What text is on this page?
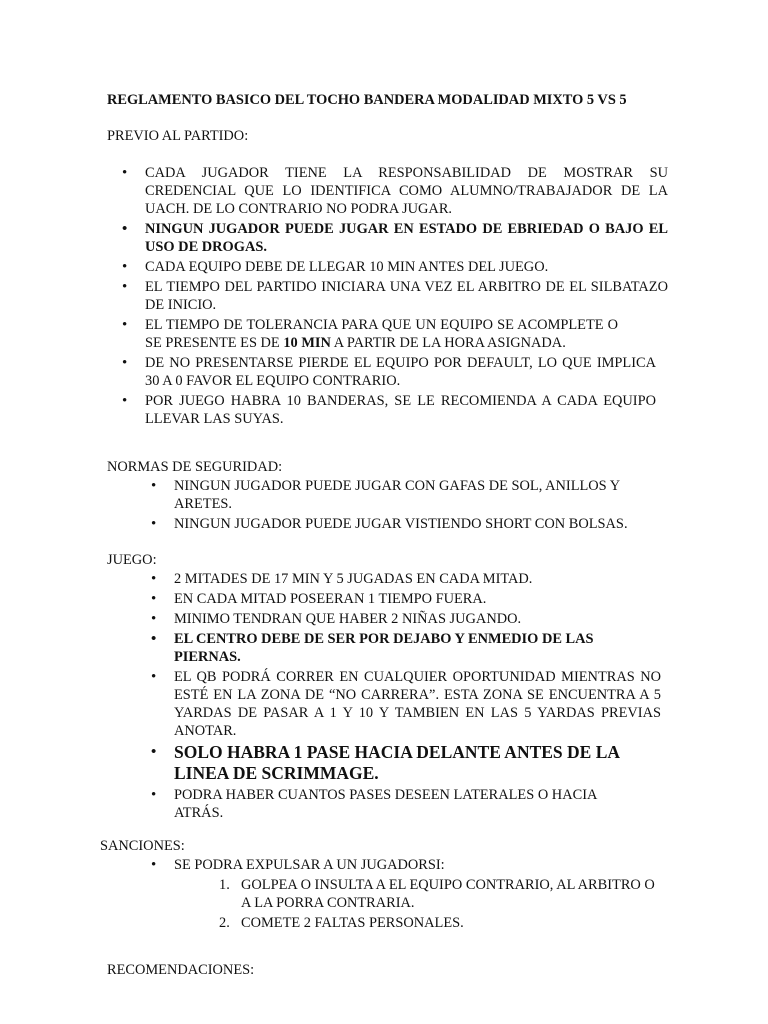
REGLAMENTO BASICO DEL TOCHO BANDERA MODALIDAD MIXTO 5 VS 5
PREVIO AL PARTIDO:
• CADA JUGADOR TIENE LA RESPONSABILIDAD DE MOSTRAR SU CREDENCIAL QUE LO IDENTIFICA COMO ALUMNO/TRABAJADOR DE LA UACH. DE LO CONTRARIO NO PODRA JUGAR.
• NINGUN JUGADOR PUEDE JUGAR EN ESTADO DE EBRIEDAD O BAJO EL USO DE DROGAS.
• CADA EQUIPO DEBE DE LLEGAR 10 MIN ANTES DEL JUEGO.
• EL TIEMPO DEL PARTIDO INICIARA UNA VEZ EL ARBITRO DE EL SILBATAZO DE INICIO.
• EL TIEMPO DE TOLERANCIA PARA QUE UN EQUIPO SE ACOMPLETE O SE PRESENTE ES DE 10 MIN A PARTIR DE LA HORA ASIGNADA.
• DE NO PRESENTARSE PIERDE EL EQUIPO POR DEFAULT, LO QUE IMPLICA 30 A 0 FAVOR EL EQUIPO CONTRARIO.
• POR JUEGO HABRA 10 BANDERAS, SE LE RECOMIENDA A CADA EQUIPO LLEVAR LAS SUYAS.
NORMAS DE SEGURIDAD:
• NINGUN JUGADOR PUEDE JUGAR CON GAFAS DE SOL, ANILLOS Y ARETES.
• NINGUN JUGADOR PUEDE JUGAR VISTIENDO SHORT CON BOLSAS.
JUEGO:
• 2 MITADES DE 17 MIN Y 5 JUGADAS EN CADA MITAD.
• EN CADA MITAD POSEERAN 1 TIEMPO FUERA.
• MINIMO TENDRAN QUE HABER 2 NIÑAS JUGANDO.
• EL CENTRO DEBE DE SER POR DEJABO Y ENMEDIO DE LAS PIERNAS.
• EL QB PODRÁ CORRER EN CUALQUIER OPORTUNIDAD MIENTRAS NO ESTÉ EN LA ZONA DE “NO CARRERA”. ESTA ZONA SE ENCUENTRA A 5 YARDAS DE PASAR A 1 Y 10 Y TAMBIEN EN LAS 5 YARDAS PREVIAS ANOTAR.
• SOLO HABRA 1 PASE HACIA DELANTE ANTES DE LA LINEA DE SCRIMMAGE.
• PODRA HABER CUANTOS PASES DESEEN LATERALES O HACIA ATRÁS.
SANCIONES:
• SE PODRA EXPULSAR A UN JUGADORSI:
1. GOLPEA O INSULTA A EL EQUIPO CONTRARIO, AL ARBITRO O A LA PORRA CONTRARIA.
2. COMETE 2 FALTAS PERSONALES.
RECOMENDACIONES:
